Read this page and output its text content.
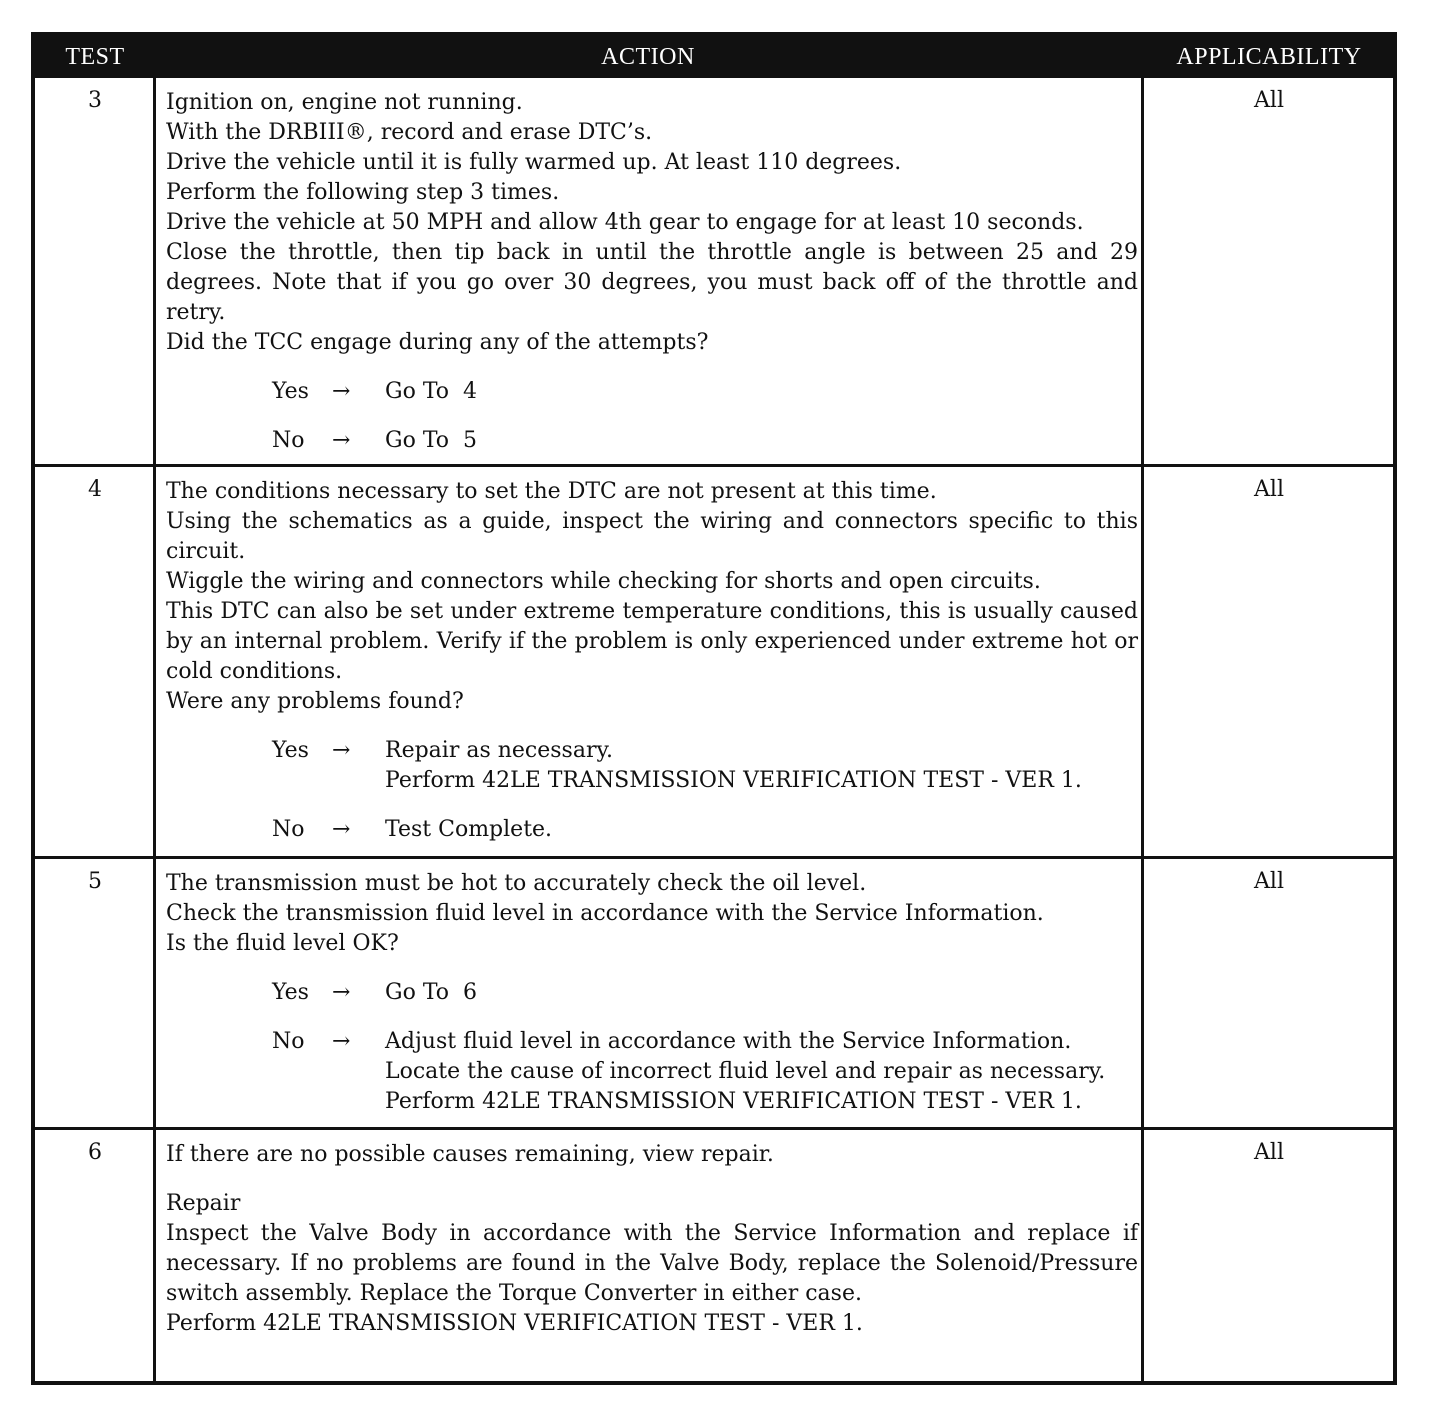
TEST	ACTION	APPLICABILITY
3	Ignition on, engine not running.

With the DRBIII®, record and erase DTC’s.

Drive the vehicle until it is fully warmed up. At least 110 degrees.

Perform the following step 3 times.

Drive the vehicle at 50 MPH and allow 4th gear to engage for at least 10 seconds.

Close the throttle, then tip back in until the throttle angle is between 25 and 29 degrees. Note that if you go over 30 degrees, you must back off of the throttle and retry.

Did the TCC engage during any of the attempts?

Yes → Go To  4
No → Go To  5
All
4	The conditions necessary to set the DTC are not present at this time.

Using the schematics as a guide, inspect the wiring and connectors specific to this circuit.

Wiggle the wiring and connectors while checking for shorts and open circuits.

This DTC can also be set under extreme temperature conditions, this is usually caused by an internal problem. Verify if the problem is only experienced under extreme hot or cold conditions.

Were any problems found?

Yes → Repair as necessary.
Perform 42LE TRANSMISSION VERIFICATION TEST - VER 1.
No → Test Complete.
All
5	The transmission must be hot to accurately check the oil level.

Check the transmission fluid level in accordance with the Service Information.

Is the fluid level OK?

Yes → Go To  6
No → Adjust fluid level in accordance with the Service Information.
Locate the cause of incorrect fluid level and repair as necessary.
Perform 42LE TRANSMISSION VERIFICATION TEST - VER 1.
All
6	If there are no possible causes remaining, view repair.

Repair

Inspect the Valve Body in accordance with the Service Information and replace if necessary. If no problems are found in the Valve Body, replace the Solenoid/Pressure switch assembly. Replace the Torque Converter in either case.

Perform 42LE TRANSMISSION VERIFICATION TEST - VER 1.

All
